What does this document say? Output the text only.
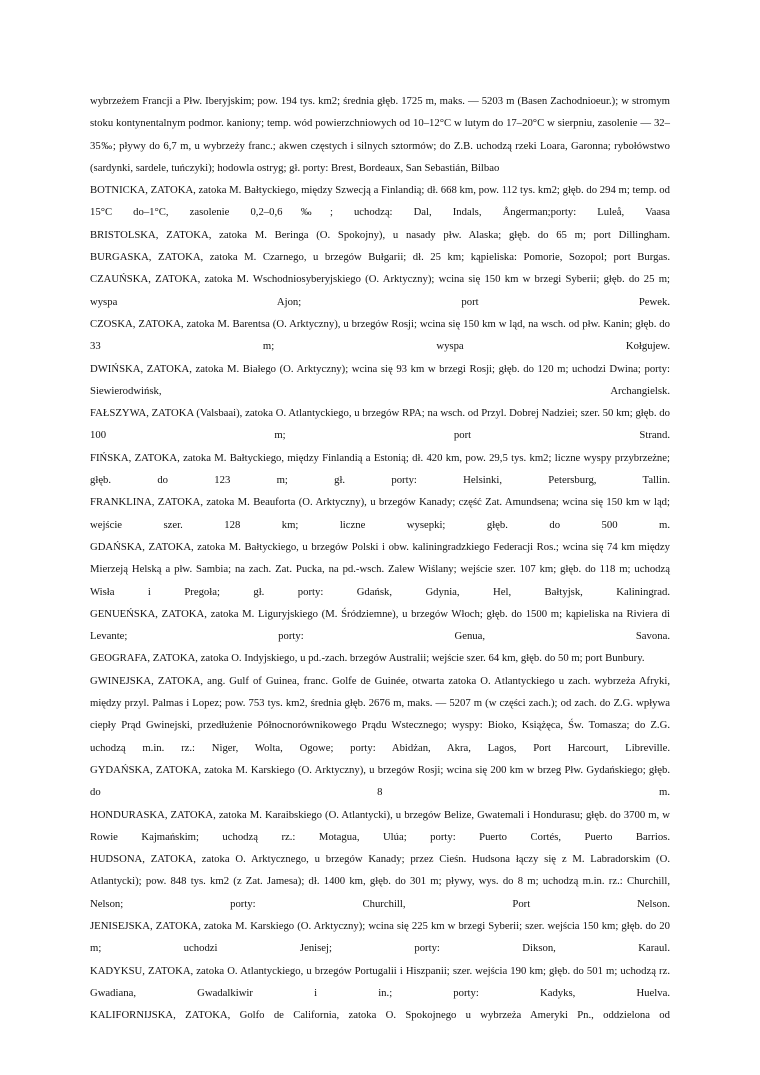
wybrzeżem Francji a Płw. Iberyjskim; pow. 194 tys. km2; średnia głęb. 1725 m, maks. — 5203 m (Basen Zachodnioeur.); w stromym stoku kontynentalnym podmor. kaniony; temp. wód powierzchniowych od 10–12°C w lutym do 17–20°C w sierpniu, zasolenie — 32–35‰; pływy do 6,7 m, u wybrzeży franc.; akwen częstych i silnych sztormów; do Z.B. uchodzą rzeki Loara, Garonna; rybołówstwo (sardynki, sardele, tuńczyki); hodowla ostryg; gł. porty: Brest, Bordeaux, San Sebastián, Bilbao

BOTNICKA, ZATOKA, zatoka M. Bałtyckiego, między Szwecją a Finlandią; dł. 668 km, pow. 112 tys. km2; głęb. do 294 m; temp. od 15°C do–1°C, zasolenie 0,2–0,6‰; uchodzą: Dal, Indals, Ångerman;porty: Luleå, Vaasa

BRISTOLSKA, ZATOKA, zatoka M. Beringa (O. Spokojny), u nasady płw. Alaska; głęb. do 65 m; port Dillingham.

BURGASKA, ZATOKA, zatoka M. Czarnego, u brzegów Bułgarii; dł. 25 km; kąpieliska: Pomorie, Sozopol; port Burgas.

CZAUŃSKA, ZATOKA, zatoka M. Wschodniosyberyjskiego (O. Arktyczny); wcina się 150 km w brzegi Syberii; głęb. do 25 m; wyspa Ajon; port Pewek.

CZOSKA, ZATOKA, zatoka M. Barentsa (O. Arktyczny), u brzegów Rosji; wcina się 150 km w ląd, na wsch. od płw. Kanin; głęb. do 33 m; wyspa Kołgujew.

DWIŃSKA, ZATOKA, zatoka M. Białego (O. Arktyczny); wcina się 93 km w brzegi Rosji; głęb. do 120 m; uchodzi Dwina; porty: Siewierodwińsk, Archangielsk.

FAŁSZYWA, ZATOKA (Valsbaai), zatoka O. Atlantyckiego, u brzegów RPA; na wsch. od Przyl. Dobrej Nadziei; szer. 50 km; głęb. do 100 m; port Strand.

FIŃSKA, ZATOKA, zatoka M. Bałtyckiego, między Finlandią a Estonią; dł. 420 km, pow. 29,5 tys. km2; liczne wyspy przybrzeżne; głęb. do 123 m; gł. porty: Helsinki, Petersburg, Tallin.

FRANKLINA, ZATOKA, zatoka M. Beauforta (O. Arktyczny), u brzegów Kanady; część Zat. Amundsena; wcina się 150 km w ląd; wejście szer. 128 km; liczne wysepki; głęb. do 500 m.

GDAŃSKA, ZATOKA, zatoka M. Bałtyckiego, u brzegów Polski i obw. kaliningradzkiego Federacji Ros.; wcina się 74 km między Mierzeją Helską a płw. Sambia; na zach. Zat. Pucka, na pd.-wsch. Zalew Wiślany; wejście szer. 107 km; głęb. do 118 m; uchodzą Wisła i Pregoła; gł. porty: Gdańsk, Gdynia, Hel, Bałtyjsk, Kaliningrad.

GENUEŃSKA, ZATOKA, zatoka M. Liguryjskiego (M. Śródziemne), u brzegów Włoch; głęb. do 1500 m; kąpieliska na Riviera di Levante; porty: Genua, Savona.

GEOGRAFA, ZATOKA, zatoka O. Indyjskiego, u pd.-zach. brzegów Australii; wejście szer. 64 km, głęb. do 50 m; port Bunbury.

GWINEJSKA, ZATOKA, ang. Gulf of Guinea, franc. Golfe de Guinée, otwarta zatoka O. Atlantyckiego u zach. wybrzeża Afryki, między przyl. Palmas i Lopez; pow. 753 tys. km2, średnia głęb. 2676 m, maks. — 5207 m (w części zach.); od zach. do Z.G. wpływa ciepły Prąd Gwinejski, przedłużenie Północnorównikowego Prądu Wstecznego; wyspy: Bioko, Książęca, Św. Tomasza; do Z.G. uchodzą m.in. rz.: Niger, Wolta, Ogowe; porty: Abidżan, Akra, Lagos, Port Harcourt, Libreville.

GYDAŃSKA, ZATOKA, zatoka M. Karskiego (O. Arktyczny), u brzegów Rosji; wcina się 200 km w brzeg Płw. Gydańskiego; głęb. do 8 m.

HONDURASKA, ZATOKA, zatoka M. Karaibskiego (O. Atlantycki), u brzegów Belize, Gwatemali i Hondurasu; głęb. do 3700 m, w Rowie Kajmańskim; uchodzą rz.: Motagua, Ulúa; porty: Puerto Cortés, Puerto Barrios.

HUDSONA, ZATOKA, zatoka O. Arktycznego, u brzegów Kanady; przez Cieśn. Hudsona łączy się z M. Labradorskim (O. Atlantycki); pow. 848 tys. km2 (z Zat. Jamesa); dł. 1400 km, głęb. do 301 m; pływy, wys. do 8 m; uchodzą m.in. rz.: Churchill, Nelson; porty: Churchill, Port Nelson.

JENISEJSKA, ZATOKA, zatoka M. Karskiego (O. Arktyczny); wcina się 225 km w brzegi Syberii; szer. wejścia 150 km; głęb. do 20 m; uchodzi Jenisej; porty: Dikson, Karaul.

KADYKSU, ZATOKA, zatoka O. Atlantyckiego, u brzegów Portugalii i Hiszpanii; szer. wejścia 190 km; głęb. do 501 m; uchodzą rz. Gwadiana, Gwadalkiwir i in.; porty: Kadyks, Huelva.

KALIFORNIJSKA, ZATOKA, Golfo de California, zatoka O. Spokojnego u wybrzeża Ameryki Pn., oddzielona od
